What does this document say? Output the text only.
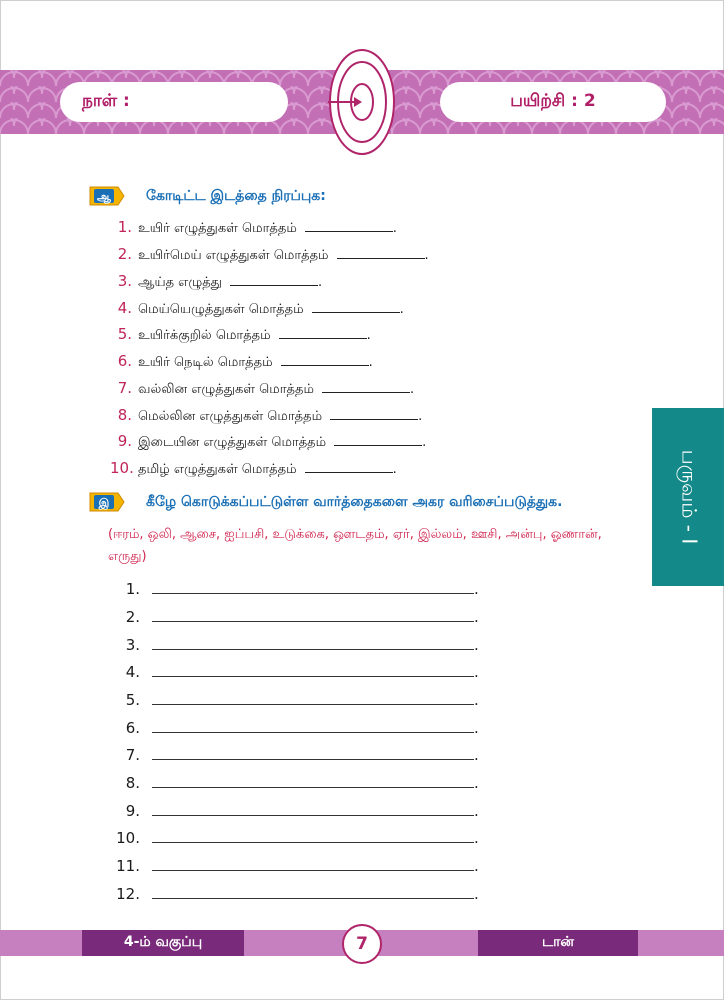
நாள் :	பயிற்சி : 2
ஆ	கோடிட்ட இடத்தை நிரப்புக:
1. உயிர் எழுத்துகள் மொத்தம்	.
2. உயிர்மெய் எழுத்துகள் மொத்தம்	.
3. ஆய்த எழுத்து	.
4. மெய்யெழுத்துகள் மொத்தம்	.
5. உயிர்க்குறில் மொத்தம்	.
6. உயிர் நெடில் மொத்தம்	.
7. வல்லின எழுத்துகள் மொத்தம்	.
8. மெல்லின எழுத்துகள் மொத்தம்	.
9. இடையின எழுத்துகள் மொத்தம்	.
10. தமிழ் எழுத்துகள் மொத்தம்	.
இ	கீழே கொடுக்கப்பட்டுள்ள வார்த்தைகளை அகர வரிசைப்படுத்துக.
(ஈரம், ஒலி, ஆசை, ஐப்பசி, உடுக்கை, ஔடதம், ஏர், இல்லம், ஊசி, அன்பு, ஓணான், எருது)
1.	.
2.	.
3.	.
4.	.
5.	.
6.	.
7.	.
8.	.
9.	.
10.	.
11.	.
12.	.
பருவம் - I
4-ம் வகுப்பு	டான்
7
